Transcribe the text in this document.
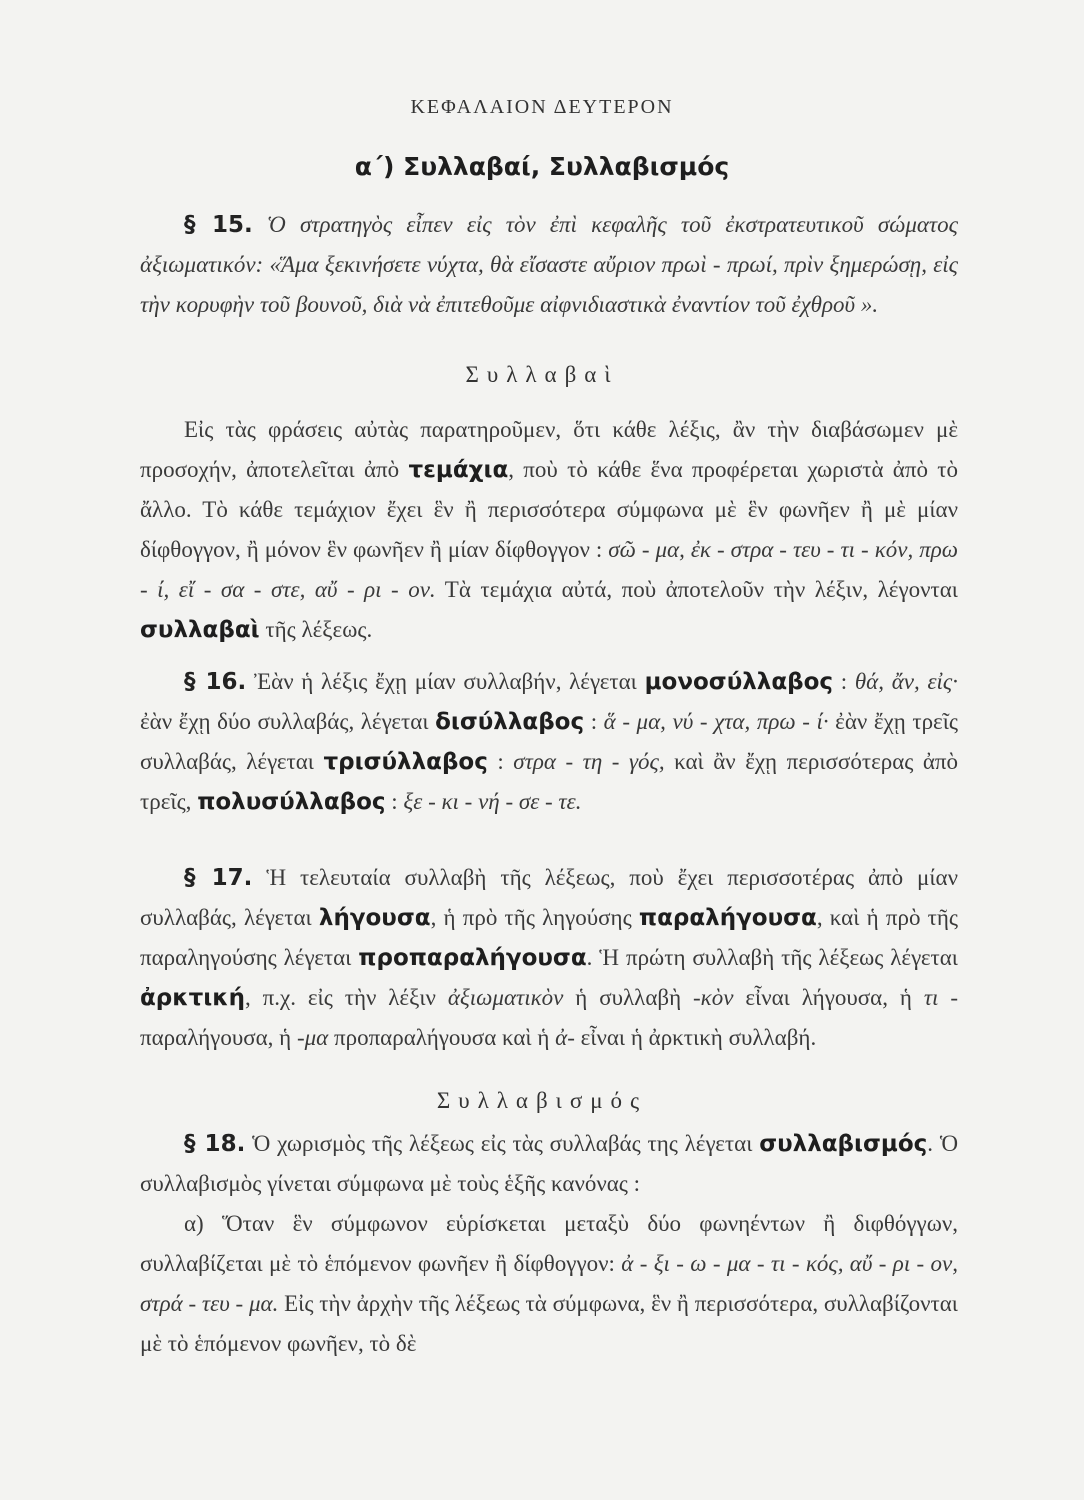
ΚΕΦΑΛΑΙΟΝ ΔΕΥΤΕΡΟΝ
α΄) Συλλαβαί, Συλλαβισμός
§ 15. Ὁ στρατηγὸς εἶπεν εἰς τὸν ἐπὶ κεφαλῆς τοῦ ἐκστρατευτικοῦ σώματος ἀξιωματικόν: «Ἅμα ξεκινήσετε νύχτα, θὰ εἴσαστε αὔριον πρωὶ - πρωί, πρὶν ξημερώσῃ, εἰς τὴν κορυφὴν τοῦ βουνοῦ, διὰ νὰ ἐπιτεθοῦμε αἰφνιδιαστικὰ ἐναντίον τοῦ ἐχθροῦ ».
Συλλαβαὶ
Εἰς τὰς φράσεις αὐτὰς παρατηροῦμεν, ὅτι κάθε λέξις, ἂν τὴν διαβάσωμεν μὲ προσοχήν, ἀποτελεῖται ἀπὸ τεμάχια, ποὺ τὸ κάθε ἕνα προφέρεται χωριστὰ ἀπὸ τὸ ἄλλο. Τὸ κάθε τεμάχιον ἔχει ἓν ἢ περισσότερα σύμφωνα μὲ ἓν φωνῆεν ἢ μὲ μίαν δίφθογγον, ἢ μόνον ἓν φωνῆεν ἢ μίαν δίφθογγον : σῶ - μα, ἐκ - στρα - τευ - τι - κόν, πρω - ί, εἴ - σα - στε, αὔ - ρι - ον. Τὰ τεμάχια αὐτά, ποὺ ἀποτελοῦν τὴν λέξιν, λέγονται συλλαβαὶ τῆς λέξεως.
§ 16. Ἐὰν ἡ λέξις ἔχῃ μίαν συλλαβήν, λέγεται μονοσύλλαβος : θά, ἄν, εἰς· ἐὰν ἔχῃ δύο συλλαβάς, λέγεται δισύλλαβος : ἅ - μα, νύ - χτα, πρω - ί· ἐὰν ἔχῃ τρεῖς συλλαβάς, λέγεται τρισύλλαβος : στρα - τη - γός, καὶ ἂν ἔχῃ περισσότερας ἀπὸ τρεῖς, πολυσύλλαβος : ξε - κι - νή - σε - τε.
§ 17. Ἡ τελευταία συλλαβὴ τῆς λέξεως, ποὺ ἔχει περισσοτέρας ἀπὸ μίαν συλλαβάς, λέγεται λήγουσα, ἡ πρὸ τῆς ληγούσης παραλήγουσα, καὶ ἡ πρὸ τῆς παραληγούσης λέγεται προπαραλήγουσα. Ἡ πρώτη συλλαβὴ τῆς λέξεως λέγεται ἀρκτική, π.χ. εἰς τὴν λέξιν ἀξιωματικὸν ἡ συλλαβὴ -κὸν εἶναι λήγουσα, ἡ τι - παραλήγουσα, ἡ -μα προπαραλήγουσα καὶ ἡ ἀ- εἶναι ἡ ἀρκτικὴ συλλαβή.
Συλλαβισμός
§ 18. Ὁ χωρισμὸς τῆς λέξεως εἰς τὰς συλλαβάς της λέγεται συλλαβισμός. Ὁ συλλαβισμὸς γίνεται σύμφωνα μὲ τοὺς ἑξῆς κανόνας :
α) Ὅταν ἓν σύμφωνον εὑρίσκεται μεταξὺ δύο φωνηέντων ἢ διφθόγγων, συλλαβίζεται μὲ τὸ ἑπόμενον φωνῆεν ἢ δίφθογγον: ἀ - ξι - ω - μα - τι - κός, αὔ - ρι - ον, στρά - τευ - μα. Εἰς τὴν ἀρχὴν τῆς λέξεως τὰ σύμφωνα, ἓν ἢ περισσότερα, συλλαβίζονται μὲ τὸ ἑπόμενον φωνῆεν, τὸ δὲ
